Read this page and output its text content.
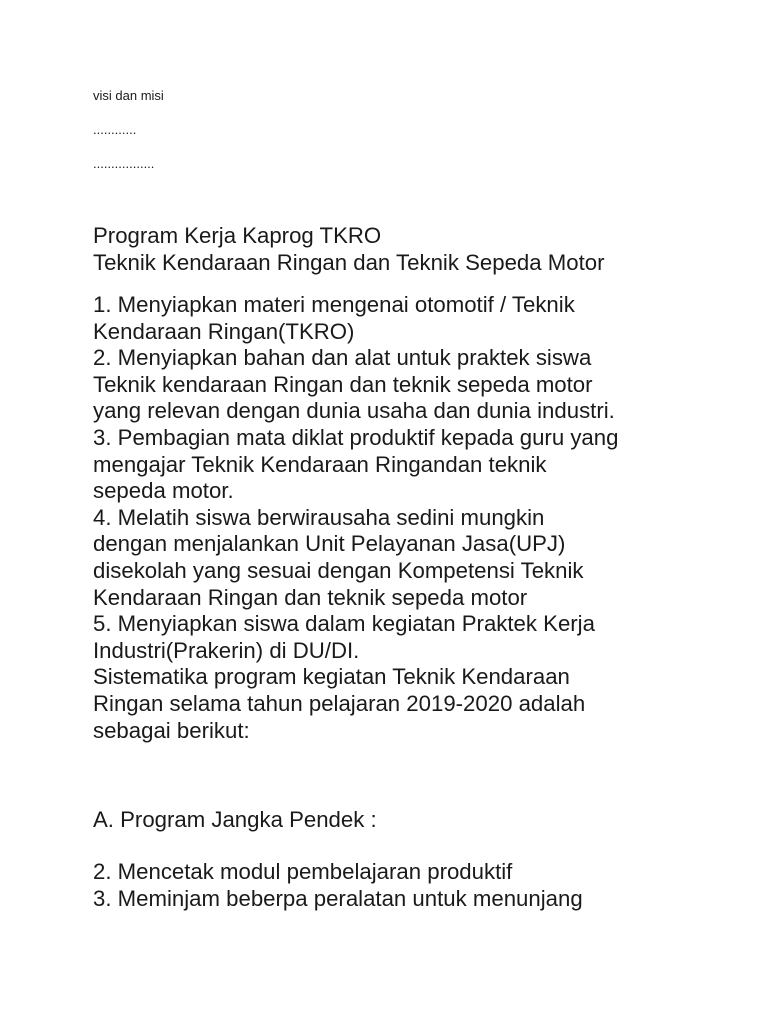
visi dan misi

............

.................

Program Kerja Kaprog TKRO
Teknik Kendaraan Ringan dan Teknik Sepeda Motor
1. Menyiapkan materi mengenai otomotif / Teknik
Kendaraan Ringan(TKRO)
2. Menyiapkan bahan dan alat untuk praktek siswa
Teknik kendaraan Ringan dan teknik sepeda motor
yang relevan dengan dunia usaha dan dunia industri.
3. Pembagian mata diklat produktif kepada guru yang
mengajar Teknik Kendaraan Ringandan teknik
sepeda motor.
4. Melatih siswa berwirausaha sedini mungkin
dengan menjalankan Unit Pelayanan Jasa(UPJ)
disekolah yang sesuai dengan Kompetensi Teknik
Kendaraan Ringan dan teknik sepeda motor
5. Menyiapkan siswa dalam kegiatan Praktek Kerja
Industri(Prakerin) di DU/DI.
Sistematika program kegiatan Teknik Kendaraan
Ringan selama tahun pelajaran 2019-2020 adalah
sebagai berikut:
A. Program Jangka Pendek :
2. Mencetak modul pembelajaran produktif
3. Meminjam beberpa peralatan untuk menunjang
